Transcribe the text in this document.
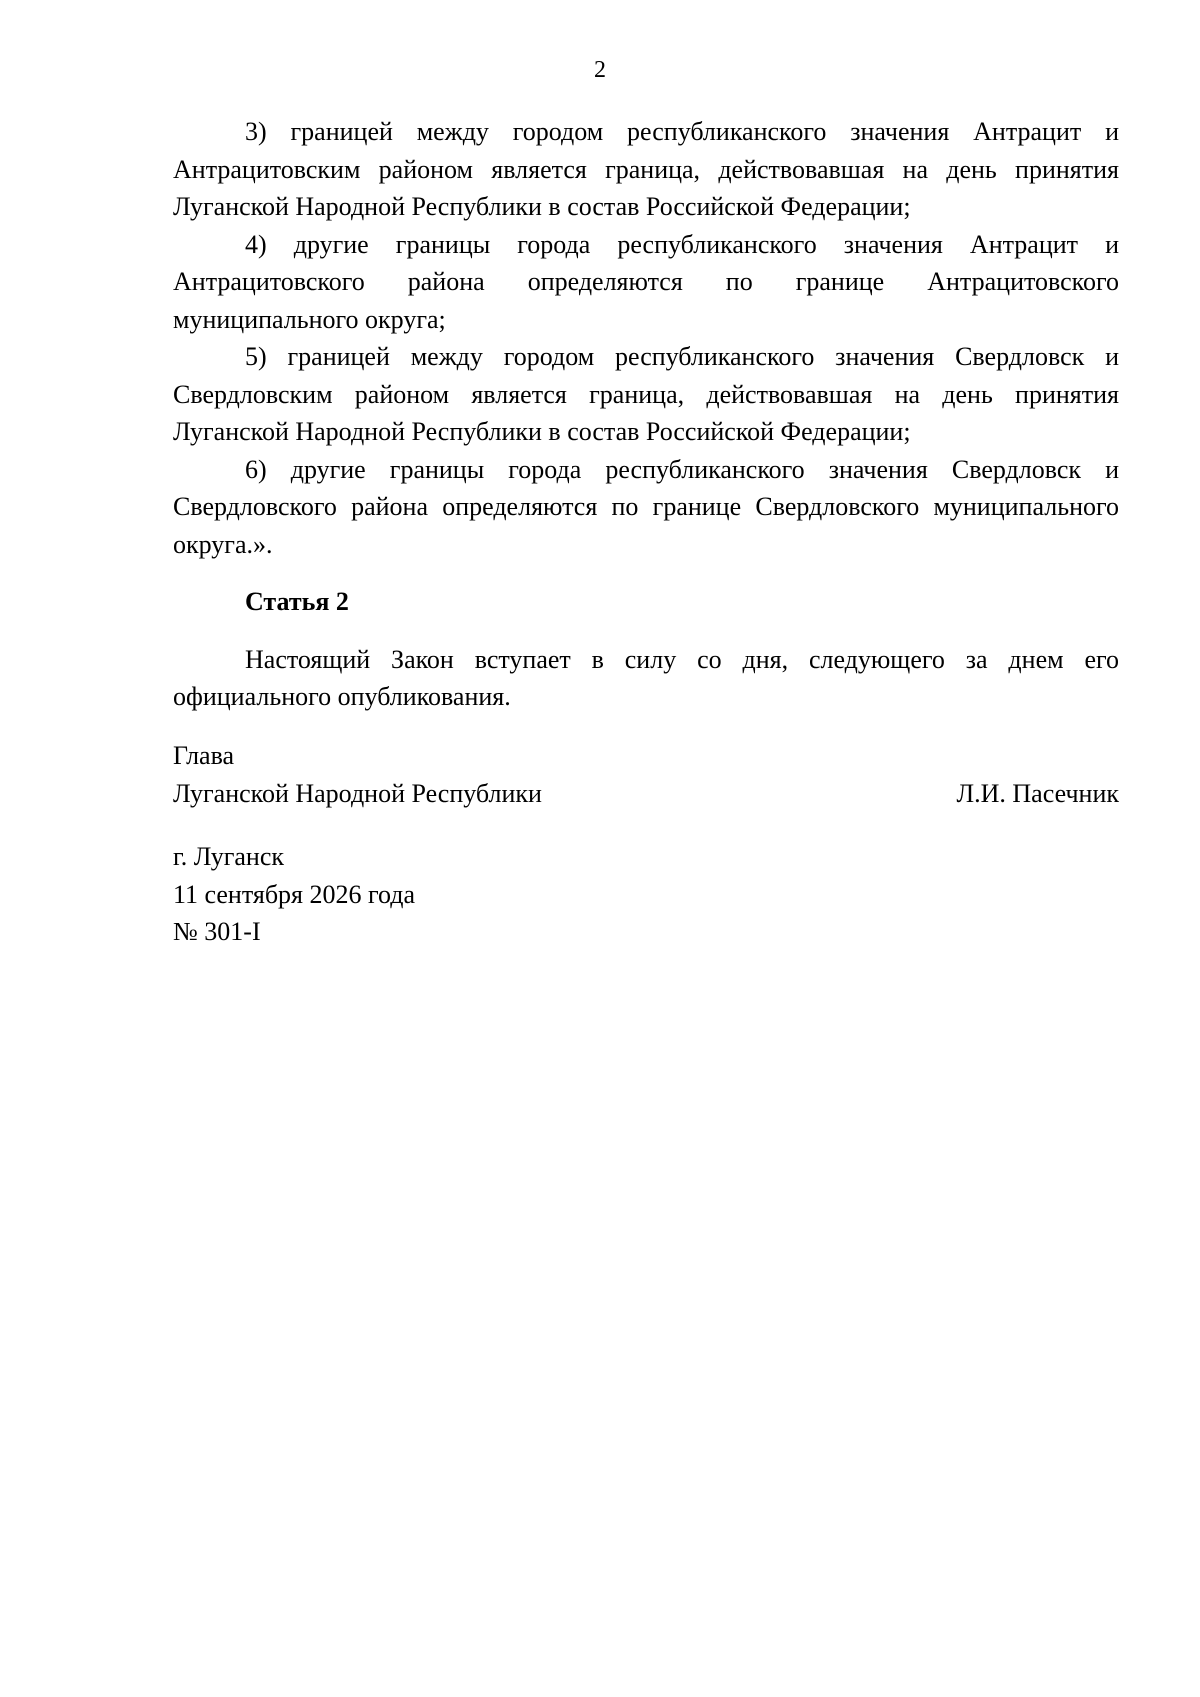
2

3) границей между городом республиканского значения Антрацит и Антрацитовским районом является граница, действовавшая на день принятия Луганской Народной Республики в состав Российской Федерации;

4) другие границы города республиканского значения Антрацит и Антрацитовского района определяются по границе Антрацитовского муниципального округа;

5) границей между городом республиканского значения Свердловск и Свердловским районом является граница, действовавшая на день принятия Луганской Народной Республики в состав Российской Федерации;

6) другие границы города республиканского значения Свердловск и Свердловского района определяются по границе Свердловского муниципального округа.».

Статья 2

Настоящий Закон вступает в силу со дня, следующего за днем его официального опубликования.

Глава
Луганской Народной Республики	Л.И. Пасечник
г. Луганск
11 сентября 2026 года
№ 301-I
